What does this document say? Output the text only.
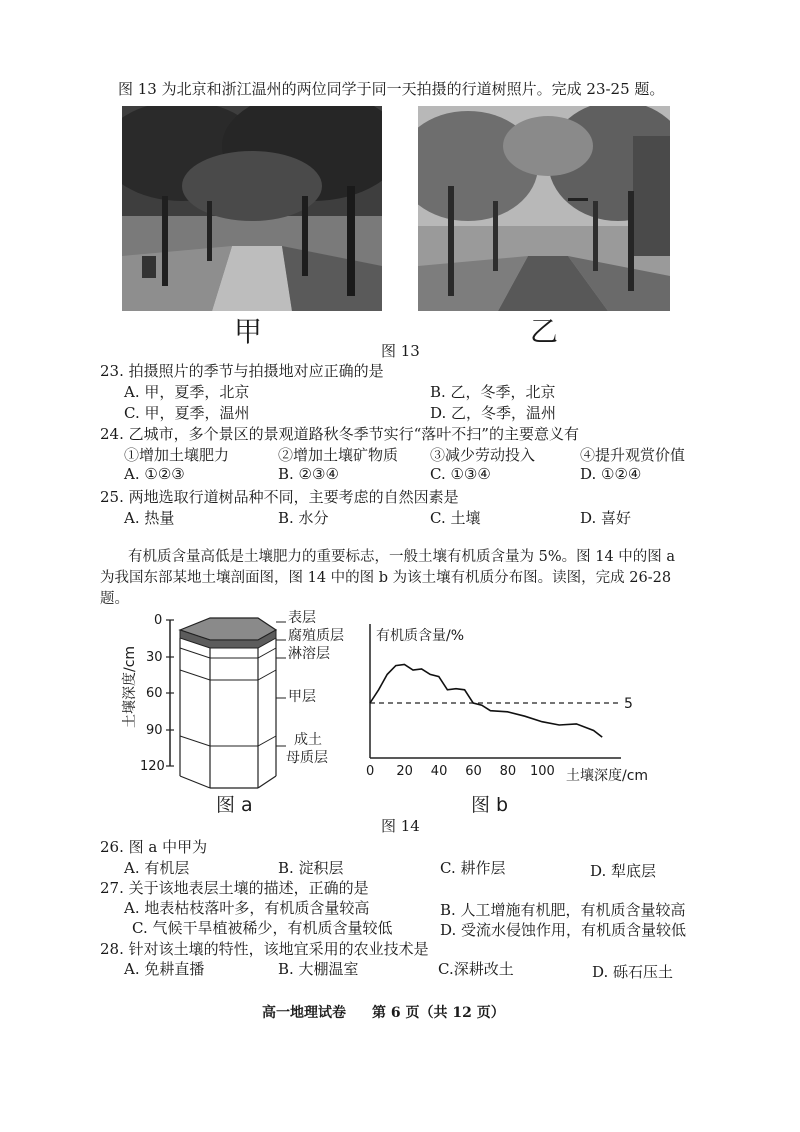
图 13 为北京和浙江温州的两位同学于同一天拍摄的行道树照片。完成 23-25 题。
甲	乙
图 13
23. 拍摄照片的季节与拍摄地对应正确的是
A. 甲，夏季，北京	B. 乙，冬季，北京
C. 甲，夏季，温州	D. 乙，冬季，温州
24. 乙城市，多个景区的景观道路秋冬季节实行“落叶不扫”的主要意义有
①增加土壤肥力	②增加土壤矿物质 ③减少劳动投入	④提升观赏价值
A. ①②③	B. ②③④	C. ①③④	D. ①②④
25. 两地选取行道树品种不同，主要考虑的自然因素是
A. 热量	B. 水分	C. 土壤	D. 喜好
有机质含量高低是土壤肥力的重要标志，一般土壤有机质含量为 5%。图 14 中的图 a
为我国东部某地土壤剖面图，图 14 中的图 b 为该土壤有机质分布图。读图，完成 26-28
题。
0
30
60
90
120
土壤深度/cm
表层
腐殖质层
淋溶层
甲层
成土
母质层
图 a
有机质含量/%
5
0 20 40 60 80 100 土壤深度/cm
图 b
图 14
26. 图 a 中甲为
A. 有机层	B. 淀积层	C. 耕作层	D. 犁底层
27. 关于该地表层土壤的描述，正确的是
A. 地表枯枝落叶多，有机质含量较高	B. 人工增施有机肥，有机质含量较高
C. 气候干旱植被稀少，有机质含量较低	D. 受流水侵蚀作用，有机质含量较低
28. 针对该土壤的特性，该地宜采用的农业技术是
A. 免耕直播	B. 大棚温室	C.深耕改土	D. 砾石压土
高一地理试卷 第 6 页（共 12 页）
